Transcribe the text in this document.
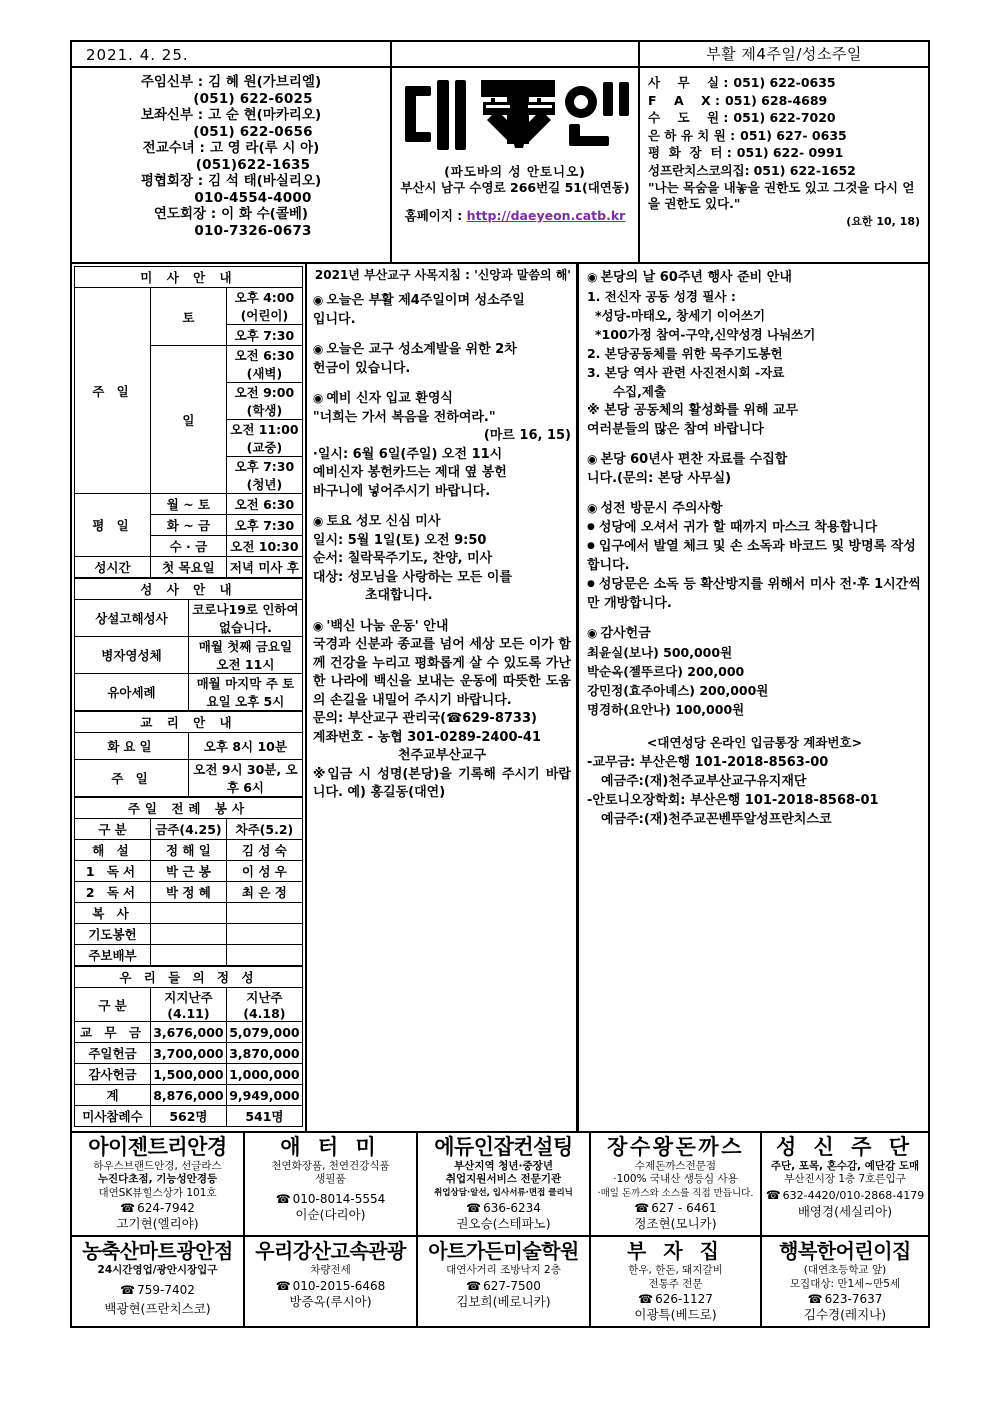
2021. 4. 25.	부활 제4주일/성소주일
주임신부 : 김 혜 원(가브리엘)
(051) 622-6025
보좌신부 : 고 순 현(마카리오)
(051) 622-0656
전교수녀 : 고 영 라(루 시 아)
(051)622-1635
평협회장 : 김 석 태(바실리오)
010-4554-4000
연도회장 : 이 화 수(콜베)
010-7326-0673
(파도바의 성 안토니오)
부산시 남구 수영로 266번길 51(대연동)
홈페이지 : http://daeyeon.catb.kr
사    무    실 : 051) 622-0635
F    A    X : 051) 628-4689
수    도    원 : 051) 622-7020
은 하 유 치 원 : 051) 627- 0635
평  화  장  터 : 051) 622- 0991
성프란치스코의집: 051) 622-1652
"나는 목숨을 내놓을 권한도 있고 그것을 다시 얻을 권한도 있다."
(요한 10, 18)
미 사 안 내		
주 일	토	오후 4:00 (어린이)
		오후 7:30
	일	오전 6:30 (새벽)
		오전 9:00 (학생)
		오전 11:00 (교중)
		오후 7:30 (청년)
평 일	월 ~ 토	오전 6:30
	화 ~ 금	오후 7:30
	수 · 금	오전 10:30
성시간	첫 목요일	저녁 미사 후
성 사 안 내	
상설고해성사	코로나19로 인하여 없습니다.
병자영성체	매월 첫째 금요일 오전 11시
유아세례	매월 마지막 주 토요일 오후 5시
교 리 안 내	
화요일	오후 8시 10분
주 일	오전 9시 30분, 오후 6시
주일 전례 봉사		
구 분	금주(4.25)	차주(5.2)
해 설	정 해 일	김 성 숙
1 독서	박 근 봉	이 성 우
2 독서	박 정 혜	최 은 정
복 사		
기도봉헌		
주보배부		
우 리 들 의 정 성		
구 분	지지난주(4.11)	지난주(4.18)
교 무 금	3,676,000	5,079,000
주일헌금	3,700,000	3,870,000
감사헌금	1,500,000	1,000,000
계	8,876,000	9,949,000
미사참례수	562명	541명
2021년 부산교구 사목지침 : '신앙과 말씀의 해'
◉ 오늘은 부활 제4주일이며 성소주일
입니다.
◉ 오늘은 교구 성소계발을 위한 2차
헌금이 있습니다.
◉ 예비 신자 입교 환영식
"너희는 가서 복음을 전하여라."
(마르 16, 15)
·일시: 6월 6일(주일) 오전 11시
예비신자 봉헌카드는 제대 옆 봉헌
바구니에 넣어주시기 바랍니다.
◉ 토요 성모 신심 미사
일시: 5월 1일(토) 오전 9:50
순서: 칠락묵주기도, 찬양, 미사
대상: 성모님을 사랑하는 모든 이를
초대합니다.
◉ '백신 나눔 운동' 안내
국경과 신분과 종교를 넘어 세상 모든 이가 함께 건강을 누리고 평화롭게 살 수 있도록 가난한 나라에 백신을 보내는 운동에 따뜻한 도움의 손길을 내밀어 주시기 바랍니다.
문의: 부산교구 관리국(☎629-8733)
계좌번호 - 농협 301-0289-2400-41
천주교부산교구
※입금 시 성명(본당)을 기록해 주시기 바랍니다. 예) 홍길동(대연)
◉ 본당의 날 60주년 행사 준비 안내
1. 전신자 공동 성경 필사 :
*성당-마태오, 창세기 이어쓰기
*100가정 참여-구약,신약성경 나눠쓰기
2. 본당공동체를 위한 묵주기도봉헌
3. 본당 역사 관련 사진전시회 -자료
수집,제출
※ 본당 공동체의 활성화를 위해 교무
여러분들의 많은 참여 바랍니다
◉ 본당 60년사 편찬 자료를 수집합
니다.(문의: 본당 사무실)
◉ 성전 방문시 주의사항
● 성당에 오셔서 귀가 할 때까지 마스크 착용합니다
● 입구에서 발열 체크 및 손 소독과 바코드 및 방명록 작성합니다.
● 성당문은 소독 등 확산방지를 위해서 미사 전·후 1시간씩만 개방합니다.
◉ 감사헌금
최윤실(보나) 500,000원
박순옥(젤뚜르다) 200,000
강민정(효주아녜스) 200,000원
명경하(요안나) 100,000원
<대연성당 온라인 입금통장 계좌번호>
-교무금: 부산은행 101-2018-8563-00
예금주:(재)천주교부산교구유지재단
-안토니오장학회: 부산은행 101-2018-8568-01
예금주:(재)천주교꼰벤뚜알성프란치스코
아이젠트리안경
하우스브랜드안경, 선글라스
누진다초점, 기능성안경등
대연SK뷰힐스상가 101호
☎ 624-7942
고기현(엘리야)
애 터 미
천연화장품, 천연건강식품
생필품
☎ 010-8014-5554
이순(다리아)
에듀인잡컨설팅
부산지역 청년·중장년
취업지원서비스 전문기관
취업상담·알선, 입사서류·면접 클리닉
☎ 636-6234
권오승(스테파노)
장수왕돈까스
수제돈까스전문점
·100% 국내산 생등심 사용
·매일 돈까스와 소스를 직접 만듭니다.
☎ 627 - 6461
정조현(모니카)
성 신 주 단
주단, 포목, 혼수감, 예단감 도매
부산진시장 1층 7호른입구
☎ 632-4420/010-2868-4179
배영경(세실리아)
농축산마트광안점
24시간영업/광안시장입구
☎ 759-7402
백광현(프란치스코)
우리강산고속관광
차량전세
☎ 010-2015-6468
방증옥(루시아)
아트가든미술학원
대연사거리 조방낙지 2층
☎ 627-7500
김보희(베로니카)
부 자 집
한우, 한돈, 돼지갈비
전통주 전문
☎ 626-1127
이광특(베드로)
행복한어린이집
(대연초등학교 앞)
모집대상: 만1세~만5세
☎ 623-7637
김수경(레지나)
